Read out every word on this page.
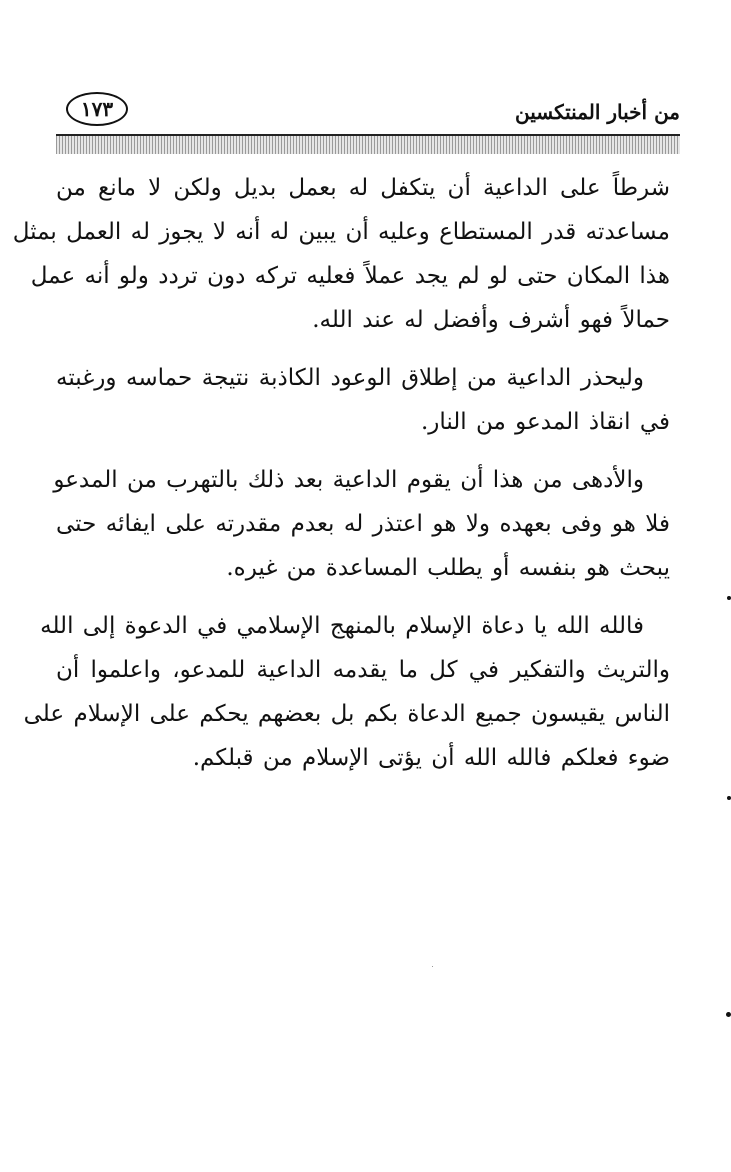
١٧٣	من أخبار المنتكسين
شرطاً على الداعية أن يتكفل له بعمل بديل ولكن لا مانع من
مساعدته قدر المستطاع وعليه أن يبين له أنه لا يجوز له العمل بمثل
هذا المكان حتى لو لم يجد عملاً فعليه تركه دون تردد ولو أنه عمل
حمالاً فهو أشرف وأفضل له عند الله.
وليحذر الداعية من إطلاق الوعود الكاذبة نتيجة حماسه ورغبته
في انقاذ المدعو من النار.
والأدهى من هذا أن يقوم الداعية بعد ذلك بالتهرب من المدعو
فلا هو وفى بعهده ولا هو اعتذر له بعدم مقدرته على ايفائه حتى
يبحث هو بنفسه أو يطلب المساعدة من غيره.
فالله الله يا دعاة الإسلام بالمنهج الإسلامي في الدعوة إلى الله
والتريث والتفكير في كل ما يقدمه الداعية للمدعو، واعلموا أن
الناس يقيسون جميع الدعاة بكم بل بعضهم يحكم على الإسلام على
ضوء فعلكم فالله الله أن يؤتى الإسلام من قبلكم.
